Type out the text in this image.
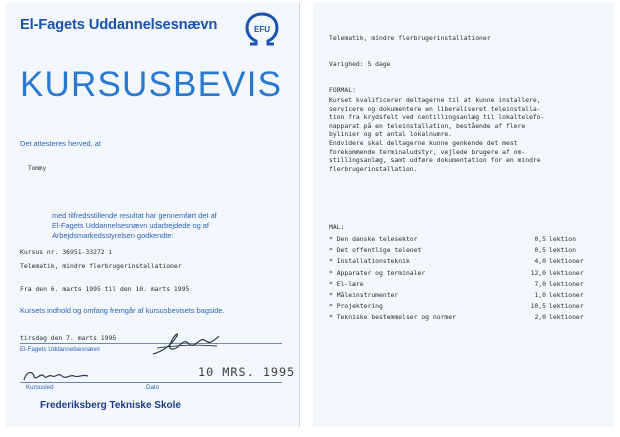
El-Fagets Uddannelsesnævn	EFU
KURSUSBEVIS
Det attesteres herved, at
Tommy
med tilfredsstillende resultat har gennemført det af
El-Fagets Uddannelsesnævn udarbejdede og af
Arbejdsmarkedsstyrelsen godkendte:
Kursus nr. 36951-33272 i
Telematik, mindre flerbrugerinstallationer
Fra den 6. marts 1995 til den 10. marts 1995
Kursets indhold og omfang fremgår af kursusbevisets bagside.
tirsdag den 7. marts 1995
El-Fagets Uddannelsesnævn
10 MRS. 1995
Kursusled	Dato
Frederiksberg Tekniske Skole
Telematik, mindre flerbrugerinstallationer
Varighed: 5 dage
FORMAL:
Kurset kvalificerer deltagerne til at kunne installere,
servicere og dokumentere en liberaliseret teleinstalla-
tion fra krydsfelt ved centillingsanlæg til lokaltelefo-
napparat på en teleinstallation, bestående af flere
bylinier og et antal lokalnumre.
Endvidere skal deltagerne kunne genkende det mest
forekommende terminaludstyr, vejlede brugere af om-
stillingsanlæg, samt udføre dokumentation for en mindre
flerbrugerinstallation.
MAL:
* Den danske telesektor	0,5 lektion
* Det offentlige telenet	0,5 lektion
* Installationsteknik	4,0 lektioner
* Apparater og terminaler	12,0 lektioner
* El-lære	7,0 lektioner
* Måleinstrumenter	1,0 lektioner
* Projektering	10,5 lektioner
* Tekniske bestemmelser og normer	2,0 lektioner
